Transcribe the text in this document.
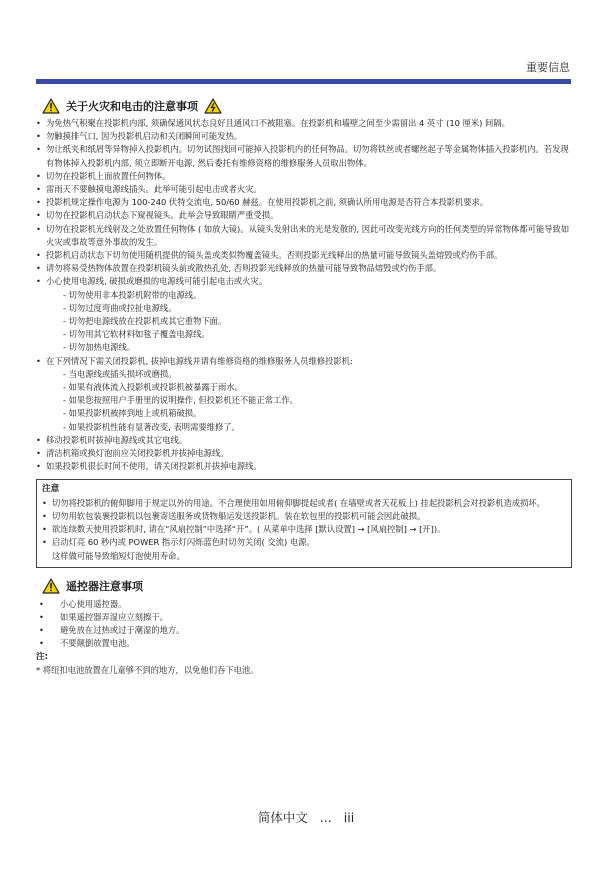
重要信息
关于火灾和电击的注意事项
• 为免热气积聚在投影机内部, 须确保通风状态良好且通风口不被阻塞。在投影机和墙壁之间至少需留出 4 英寸 (10 厘米) 间隔。
• 勿触摸排气口, 因为投影机启动和关闭瞬间可能发热。
• 勿让纸夹和纸屑等异物掉入投影机内。切勿试图找回可能掉入投影机内的任何物品。切勿将铁丝或者螺丝起子等金属物体插入投影机内。若发现有物体掉入投影机内部, 须立即断开电源, 然后委托有维修资格的维修服务人员取出物体。
• 切勿在投影机上面放置任何物体。
• 雷雨天不要触摸电源线插头。此举可能引起电击或者火灾。
• 投影机规定操作电源为 100-240 伏特交流电, 50/60 赫兹。在使用投影机之前, 须确认所用电源是否符合本投影机要求。
• 切勿在投影机启动状态下窥视镜头。此举会导致眼睛严重受损。
• 切勿在投影机光线射及之处放置任何物体 ( 如放大镜)。从镜头发射出来的光是发散的, 因此可改变光线方向的任何类型的异常物体都可能导致如火灾或事故等意外事故的发生。
• 投影机启动状态下切勿使用随机提供的镜头盖或类似物覆盖镜头。否则投影光线释出的热量可能导致镜头盖熔毁或灼伤手部。
• 请勿将易受热物体放置在投影机镜头前或散热孔处, 否则投影光线释放的热量可能导致物品熔毁或灼伤手部。
• 小心使用电源线, 破损或磨损的电源线可能引起电击或火灾。
- 切勿使用非本投影机附带的电源线。
- 切勿过度弯曲或拉扯电源线。
- 切勿把电源线放在投影机或其它重物下面。
- 切勿用其它软材料如毯子覆盖电源线。
- 切勿加热电源线。
• 在下列情况下需关闭投影机, 拔掉电源线并请有维修资格的维修服务人员维修投影机:
- 当电源线或插头损坏或磨损。
- 如果有液体流入投影机或投影机被暴露于雨水。
- 如果您按照用户手册里的说明操作, 但投影机还不能正常工作。
- 如果投影机被摔到地上或机箱破损。
- 如果投影机性能有显著改变, 表明需要维修了。
• 移动投影机时拔掉电源线或其它电线。
• 清洁机箱或换灯泡前应关闭投影机并拔掉电源线。
• 如果投影机很长时间不使用，请关闭投影机并拔掉电源线。
注意
• 切勿将投影机的俯仰脚用于规定以外的用途。不合理使用如用俯仰脚提起或者( 在墙壁或者天花板上) 挂起投影机会对投影机造成损坏。
• 切勿用软包装裹投影机以包裹寄送服务或货物船运发送投影机。装在软包里的投影机可能会因此破损。
• 欲连续数天使用投影机时, 请在“风扇控制”中选择“开”。( 从菜单中选择 [默认设置] → [风扇控制] → [开])。
• 启动灯亮 60 秒内或 POWER 指示灯闪烁蓝色时切勿关闭( 交流) 电源。
这样做可能导致缩短灯泡使用寿命。
遥控器注意事项
• 小心使用遥控器。
• 如果遥控器弄湿应立刻擦干。
• 避免放在过热或过于潮湿的地方。
• 不要颠倒放置电池。
注:
* 将纽扣电池放置在儿童够不到的地方，以免他们吞下电池。
简体中文 ... iii
